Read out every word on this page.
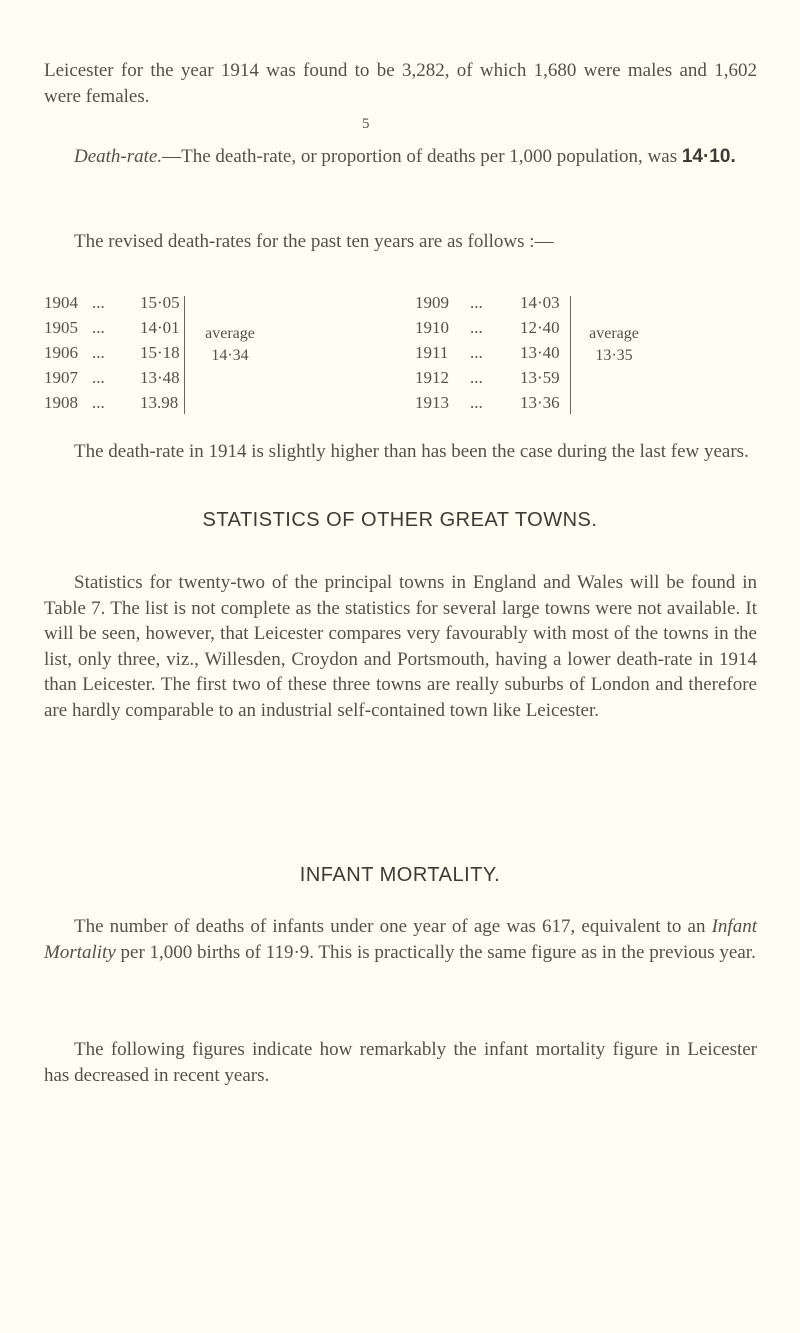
5
Leicester for the year 1914 was found to be 3,282, of which 1,680 were males and 1,602 were females.
Death-rate.—The death-rate, or proportion of deaths per 1,000 population, was 14·10.
The revised death-rates for the past ten years are as follows :—
1904 ... 15·05
1905 ... 14·01
1906 ... 15·18
1907 ... 13·48
1908 ... 13.98
1909 ... 14·03
1910 ... 12·40
1911 ... 13·40
1912 ... 13·59
1913 ... 13·36
average
14·34
average
13·35
The death-rate in 1914 is slightly higher than has been the case during the last few years.
STATISTICS OF OTHER GREAT TOWNS.
Statistics for twenty-two of the principal towns in England and Wales will be found in Table 7. The list is not complete as the statistics for several large towns were not available. It will be seen, however, that Leicester compares very favourably with most of the towns in the list, only three, viz., Willesden, Croydon and Portsmouth, having a lower death-rate in 1914 than Leicester. The first two of these three towns are really suburbs of London and therefore are hardly comparable to an industrial self-contained town like Leicester.
INFANT MORTALITY.
The number of deaths of infants under one year of age was 617, equivalent to an Infant Mortality per 1,000 births of 119·9. This is practically the same figure as in the previous year.
The following figures indicate how remarkably the infant mortality figure in Leicester has decreased in recent years.
